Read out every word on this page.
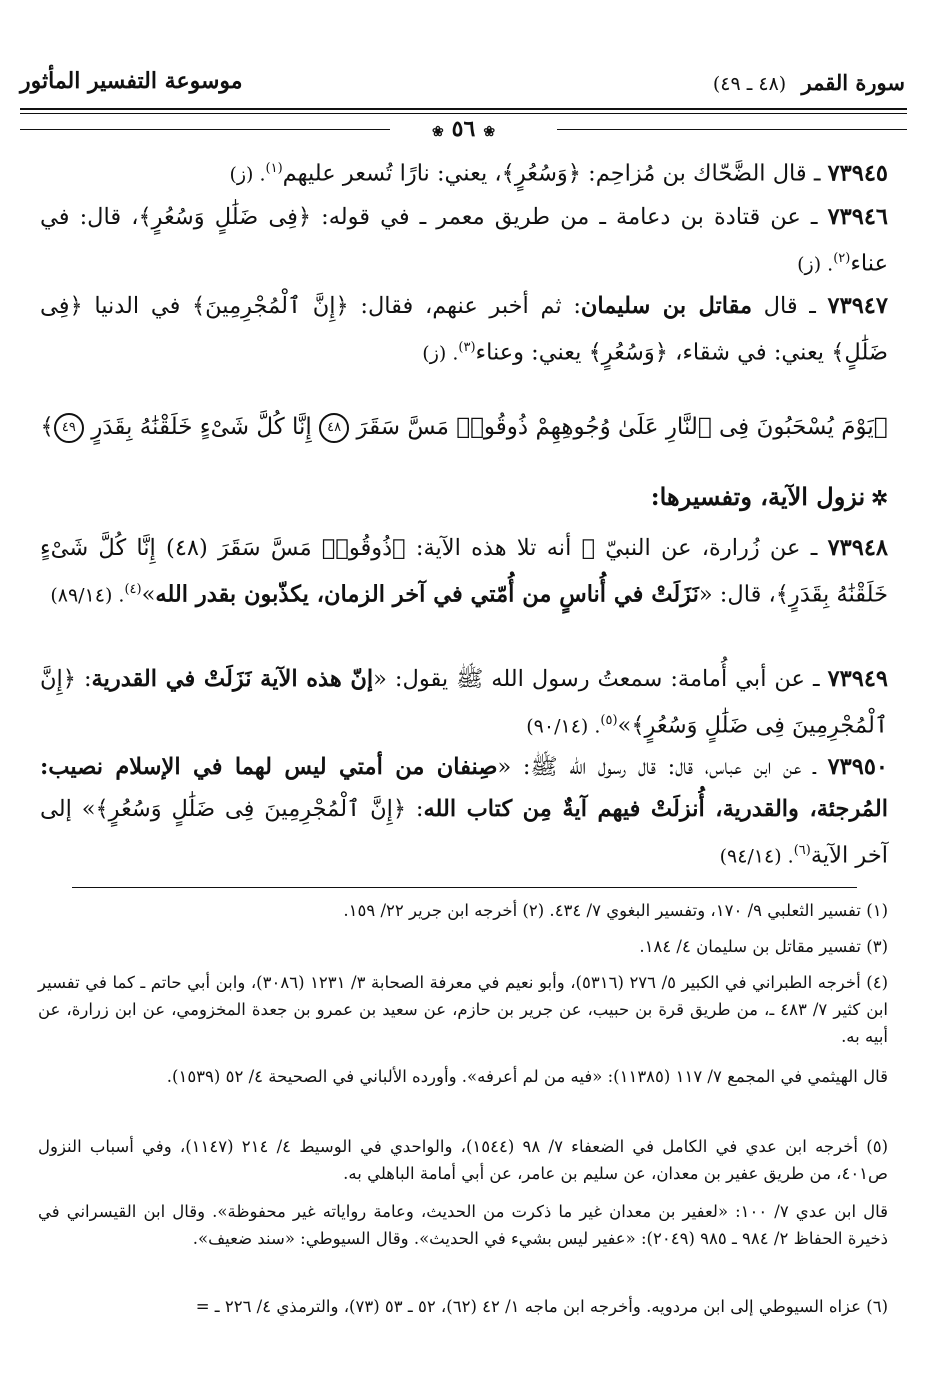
سورة القمر (٤٨ ـ ٤٩)
موسوعة التفسير المأثور
❀٥٦❀
٧٣٩٤٥ ـ قال الضَّحّاك بن مُزاحِم: ﴿وَسُعُرٍ﴾، يعني: نارًا تُسعر عليهم$^{(١)}$. (ز)
٧٣٩٤٦ ـ عن قتادة بن دعامة ـ من طريق معمر ـ في قوله: ﴿فِى ضَلَٰلٍ وَسُعُرٍ﴾، قال: في عناء$^{(٢)}$. (ز)
٧٣٩٤٧ ـ قال مقاتل بن سليمان: ثم أخبر عنهم، فقال: ﴿إِنَّ ٱلْمُجْرِمِينَ﴾ في الدنيا ﴿فِى ضَلَٰلٍ﴾ يعني: في شقاء، ﴿وَسُعُرٍ﴾ يعني: وعناء$^{(٣)}$. (ز)
﴿يَوْمَ يُسْحَبُونَ فِى ٱلنَّارِ عَلَىٰ وُجُوهِهِمْ ذُوقُوا۟ مَسَّ سَقَرَ ٤٨ إِنَّا كُلَّ شَىْءٍ خَلَقْنَٰهُ بِقَدَرٍ ٤٩﴾
✲نزول الآية، وتفسيرها:
٧٣٩٤٨ ـ عن زُرارة، عن النبيّ ﷺ أنه تلا هذه الآية: ﴿ذُوقُوا۟ مَسَّ سَقَرَ (٤٨) إِنَّا كُلَّ شَىْءٍ خَلَقْنَٰهُ بِقَدَرٍ﴾، قال: «نَزَلَتْ في أُناسٍ من أُمّتي في آخر الزمان، يكذّبون بقدر الله»$^{(٤)}$. (٨٩/١٤)
٧٣٩٤٩ ـ عن أبي أُمامة: سمعتُ رسول الله ﷺ يقول: «إنّ هذه الآية نَزَلَتْ في القدرية: ﴿إِنَّ ٱلْمُجْرِمِينَ فِى ضَلَٰلٍ وَسُعُرٍ﴾»$^{(٥)}$. (٩٠/١٤)
٧٣٩٥٠ ـ عن ابن عباس، قال: قال رسول الله ﷺ: «صِنفان من أمتي ليس لهما في الإسلام نصيب: المُرجئة، والقدرية، أُنزلَتْ فيهم آيةٌ مِن كتاب الله: ﴿إِنَّ ٱلْمُجْرِمِينَ فِى ضَلَٰلٍ وَسُعُرٍ﴾» إلى آخر الآية$^{(٦)}$. (٩٤/١٤)
(١) تفسير الثعلبي ٩/ ١٧٠، وتفسير البغوي ٧/ ٤٣٤. (٢) أخرجه ابن جرير ٢٢/ ١٥٩.
(٣) تفسير مقاتل بن سليمان ٤/ ١٨٤.
(٤) أخرجه الطبراني في الكبير ٥/ ٢٧٦ (٥٣١٦)، وأبو نعيم في معرفة الصحابة ٣/ ١٢٣١ (٣٠٨٦)، وابن أبي حاتم ـ كما في تفسير ابن كثير ٧/ ٤٨٣ ـ، من طريق قرة بن حبيب، عن جرير بن حازم، عن سعيد بن عمرو بن جعدة المخزومي، عن ابن زرارة، عن أبيه به.
قال الهيثمي في المجمع ٧/ ١١٧ (١١٣٨٥): «فيه من لم أعرفه». وأورده الألباني في الصحيحة ٤/ ٥٢ (١٥٣٩).
(٥) أخرجه ابن عدي في الكامل في الضعفاء ٧/ ٩٨ (١٥٤٤)، والواحدي في الوسيط ٤/ ٢١٤ (١١٤٧)، وفي أسباب النزول ص٤٠١، من طريق عفير بن معدان، عن سليم بن عامر، عن أبي أمامة الباهلي به.
قال ابن عدي ٧/ ١٠٠: «لعفير بن معدان غير ما ذكرت من الحديث، وعامة رواياته غير محفوظة». وقال ابن القيسراني في ذخيرة الحفاظ ٢/ ٩٨٤ ـ ٩٨٥ (٢٠٤٩): «عفير ليس بشيء في الحديث». وقال السيوطي: «سند ضعيف».
(٦) عزاه السيوطي إلى ابن مردويه. وأخرجه ابن ماجه ١/ ٤٢ (٦٢)، ٥٢ ـ ٥٣ (٧٣)، والترمذي ٤/ ٢٢٦ ـ =
